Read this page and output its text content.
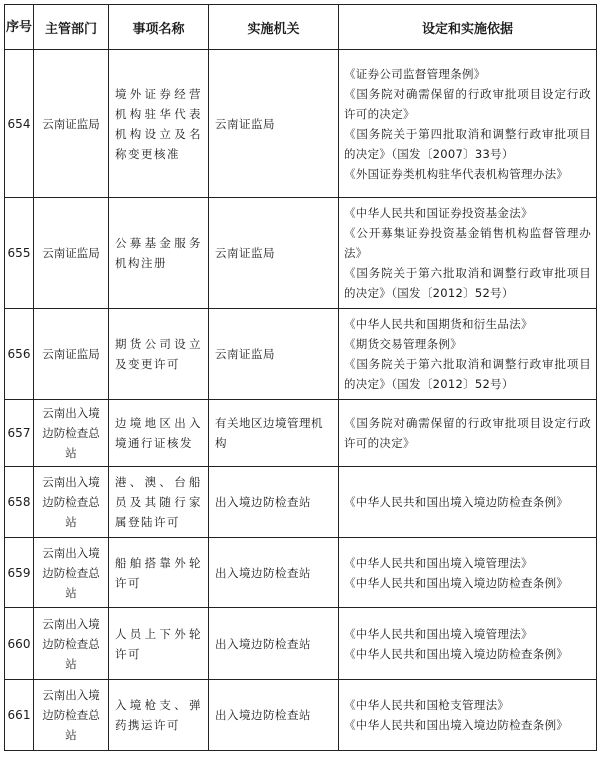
序号	主管部门	事项名称	实施机关	设定和实施依据
654	云南证监局	境外证券经营机构驻华代表机构设立及名称变更核准	云南证监局	《证券公司监督管理条例》
《国务院对确需保留的行政审批项目设定行政许可的决定》
《国务院关于第四批取消和调整行政审批项目的决定》（国发〔2007〕33号）
《外国证券类机构驻华代表机构管理办法》

655	云南证监局	公募基金服务机构注册	云南证监局	《中华人民共和国证券投资基金法》
《公开募集证券投资基金销售机构监督管理办法》
《国务院关于第六批取消和调整行政审批项目的决定》（国发〔2012〕52号）

656	云南证监局	期货公司设立及变更许可	云南证监局	《中华人民共和国期货和衍生品法》
《期货交易管理条例》
《国务院关于第六批取消和调整行政审批项目的决定》（国发〔2012〕52号）

657	云南出入境边防检查总站	边境地区出入境通行证核发	有关地区边境管理机构	《国务院对确需保留的行政审批项目设定行政许可的决定》

658	云南出入境边防检查总站	港、澳、台船员及其随行家属登陆许可	出入境边防检查站	《中华人民共和国出境入境边防检查条例》

659	云南出入境边防检查总站	船舶搭靠外轮许可	出入境边防检查站	《中华人民共和国出境入境管理法》
《中华人民共和国出境入境边防检查条例》

660	云南出入境边防检查总站	人员上下外轮许可	出入境边防检查站	《中华人民共和国出境入境管理法》
《中华人民共和国出境入境边防检查条例》

661	云南出入境边防检查总站	入境枪支、弹药携运许可	出入境边防检查站	《中华人民共和国枪支管理法》
《中华人民共和国出境入境边防检查条例》
